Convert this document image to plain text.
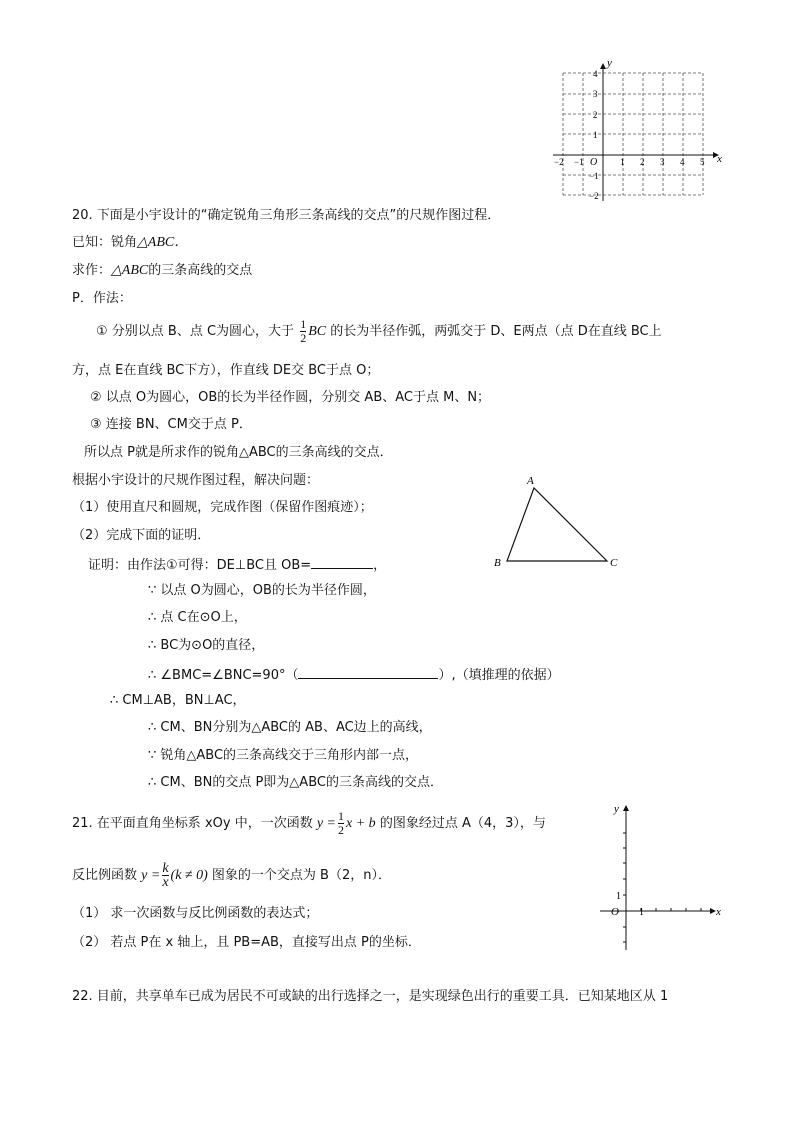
y
x
O
4
3
2
1
−1
−2
−2 −1	1 2 3 4 5
20. 下面是小宇设计的“确定锐角三角形三条高线的交点”的尺规作图过程．
已知：锐角△ABC．
求作：△ABC的三条高线的交点
P．作法：
① 分别以点 B、点 C为圆心，大于 $\frac{1}{2}$ BC 的长为半径作弧，两弧交于 D、E两点（点 D在直线 BC上
方，点 E在直线 BC下方），作直线 DE交 BC于点 O；
② 以点 O为圆心，OB的长为半径作圆，分别交 AB、AC于点 M、N；
③ 连接 BN、CM交于点 P．
所以点 P就是所求作的锐角△ABC的三条高线的交点．
根据小宇设计的尺规作图过程，解决问题：
（1）使用直尺和圆规，完成作图（保留作图痕迹）；
（2）完成下面的证明．
证明：由作法①可得：DE⊥BC且 OB=	，
∵ 以点 O为圆心，OB的长为半径作圆，
∴ 点 C在⊙O上，
∴ BC为⊙O的直径，
∴ ∠BMC=∠BNC=90°（	）,（填推理的依据）
∴ CM⊥AB，BN⊥AC，
∴ CM、BN分别为△ABC的 AB、AC边上的高线，
∵ 锐角△ABC的三条高线交于三角形内部一点，
∴ CM、BN的交点 P即为△ABC的三条高线的交点．
A
B	C
21. 在平面直角坐标系 xOy 中，一次函数 $y = \frac{1}{2}$ x + b 的图象经过点 A（4，3），与
反比例函数 $y = \frac{k}{x} (k \ne 0)$ 图象的一个交点为 B（2，n）．
（1） 求一次函数与反比例函数的表达式；
（2） 若点 P在 x 轴上，且 PB=AB，直接写出点 P的坐标．
y
x
O 1
1
22. 目前，共享单车已成为居民不可或缺的出行选择之一，是实现绿色出行的重要工具．已知某地区从 1
